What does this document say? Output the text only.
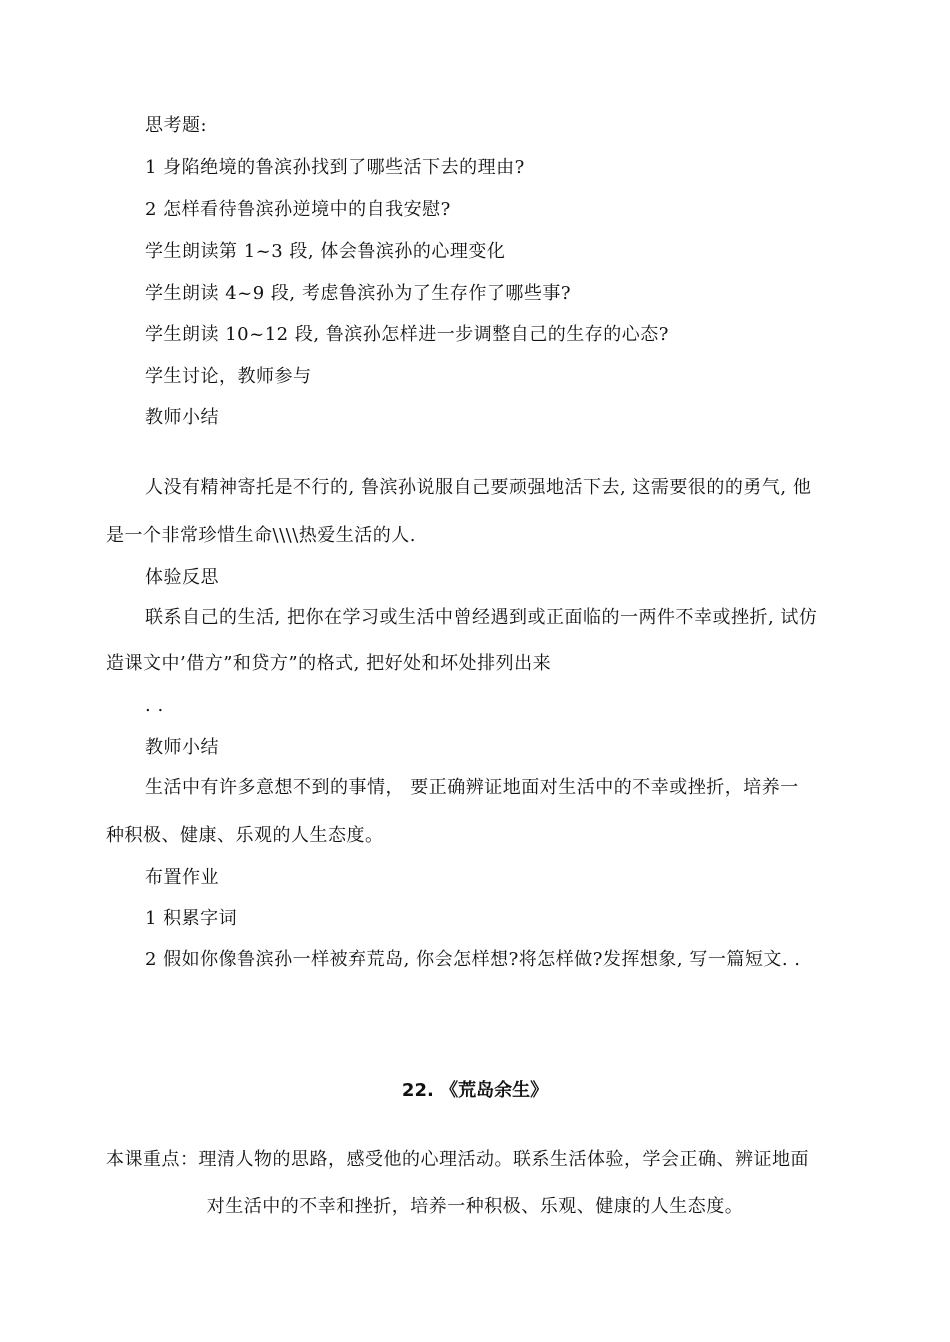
思考题:
1 身陷绝境的鲁滨孙找到了哪些活下去的理由?
2 怎样看待鲁滨孙逆境中的自我安慰?
学生朗读第 1~3 段, 体会鲁滨孙的心理变化
学生朗读 4~9 段, 考虑鲁滨孙为了生存作了哪些事?
学生朗读 10~12 段, 鲁滨孙怎样进一步调整自己的生存的心态?
学生讨论，教师参与
教师小结
人没有精神寄托是不行的, 鲁滨孙说服自己要顽强地活下去, 这需要很的的勇气, 他
是一个非常珍惜生命\\\\热爱生活的人.
体验反思
联系自己的生活, 把你在学习或生活中曾经遇到或正面临的一两件不幸或挫折, 试仿
造课文中’借方”和贷方”的格式, 把好处和坏处排列出来
. .
教师小结
生活中有许多意想不到的事情， 要正确辨证地面对生活中的不幸或挫折，培养一
种积极、健康、乐观的人生态度。
布置作业
1 积累字词
2 假如你像鲁滨孙一样被弃荒岛, 你会怎样想?将怎样做?发挥想象, 写一篇短文. .
22. 《荒岛余生》
本课重点：理清人物的思路，感受他的心理活动。联系生活体验，学会正确、辨证地面
对生活中的不幸和挫折，培养一种积极、乐观、健康的人生态度。
